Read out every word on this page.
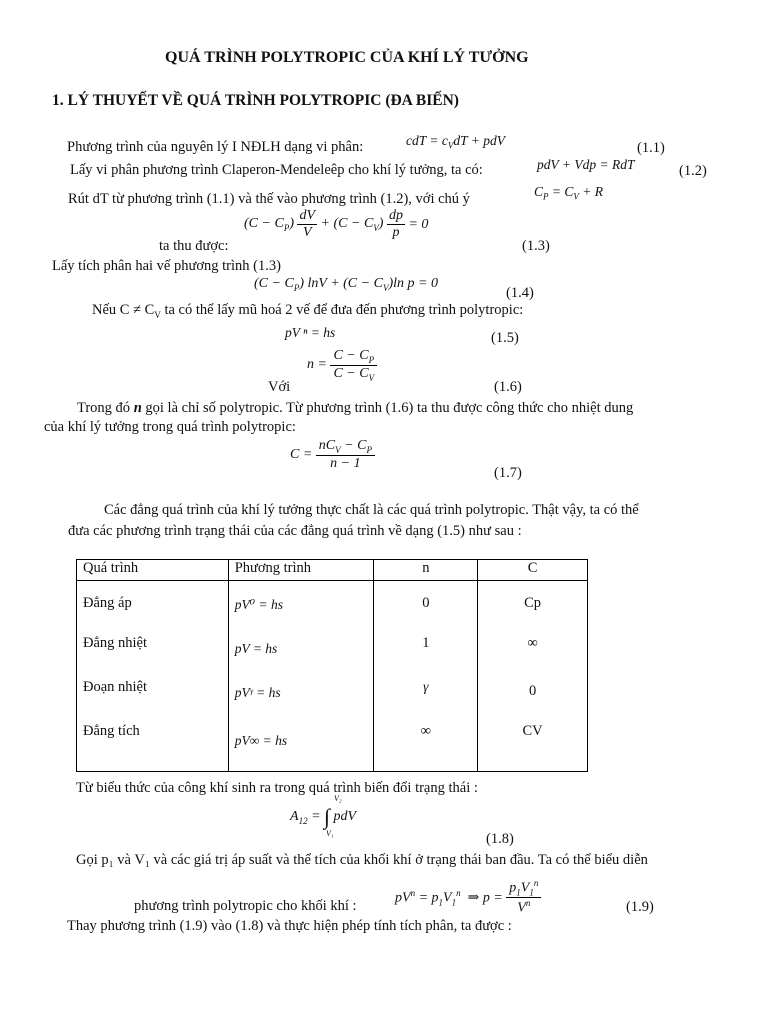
QUÁ TRÌNH POLYTROPIC CỦA KHÍ LÝ TƯỞNG
1. LÝ THUYẾT VỀ QUÁ TRÌNH POLYTROPIC (ĐA BIẾN)
Phương trình của nguyên lý I NĐLH dạng vi phân:	cdT = $c_VdT$ + pdV	(1.1)
Lấy vi phân phương trình Claperon-Mendeleêp cho khí lý tưởng, ta có:	pdV + Vdp = RdT	(1.2)
Rút dT từ phương trình (1.1) và thế vào phương trình (1.2), với chú ý	$C_P = C_V + R$
$(C - C_P) \frac{dV}{V} + (C - C_V) \frac{dp}{p} = 0$
ta thu được:	(1.3)
Lấy tích phân hai vế phương trình (1.3)
$(C - C_P)$ $\ln V + (C - C_V)\ln$ p = 0
(1.4)
Nếu $C \ne C_V$ ta có thể lấy mũ hoá 2 vế để đưa đến phương trình polytropic:
pV ⁿ = hs	(1.5)
$n = \frac{C - C_P}{C - C_V}$
Với	(1.6)
Trong đó n gọi là chỉ số polytropic. Từ phương trình (1.6) ta thu được công thức cho nhiệt dung
của khí lý tưởng trong quá trình polytropic:
C =
$nC_V - C_P$
n − 1
(1.7)
Các đẳng quá trình của khí lý tưởng thực chất là các quá trình polytropic. Thật vậy, ta có thể
đưa các phương trình trạng thái của các đẳng quá trình về dạng (1.5) như sau :
Quá trình	Phương trình	n	C
Đẳng áp	pV⁰ = hs	0	Cp
Đẳng nhiệt	pV = hs	1	∞
Đoạn nhiệt	pVᵞ = hs	γ	0
Đẳng tích	pV∞ = hs	∞	CV
Từ biểu thức của công khí sinh ra trong quá trình biến đổi trạng thái :
$A_{12}$ = ∫
V₂
V₁
pdV
(1.8)
Gọi p₁ và V₁ và các giá trị áp suất và thể tích của khối khí ở trạng thái ban đầu. Ta có thể biểu diễn
phương trình polytropic cho khối khí :
$pV^n = p_1V_1^n$  ⇒ $p = \frac{p_1V_1^n}{V^n}$	(1.9)
Thay phương trình (1.9) vào (1.8) và thực hiện phép tính tích phân, ta được :
